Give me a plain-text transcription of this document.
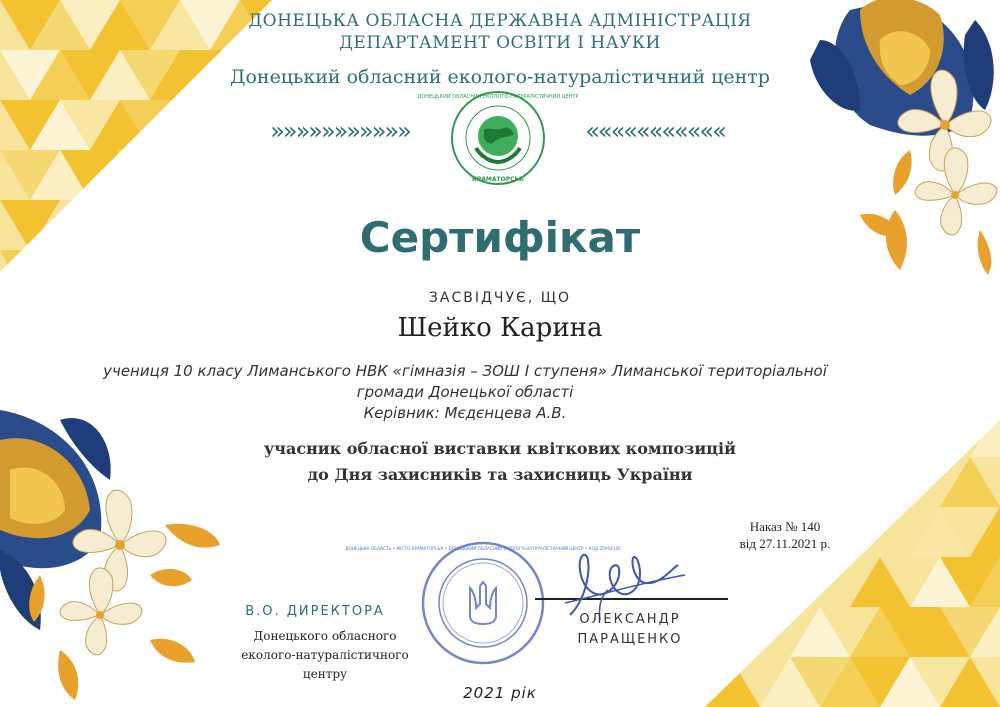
ДОНЕЦЬКА ОБЛАСНА ДЕРЖАВНА АДМІНІСТРАЦІЯ
ДЕПАРТАМЕНТ ОСВІТИ І НАУКИ
Донецький обласний еколого-натуралістичний центр
»»»»»»»»»»»	«««««««««««
ДОНЕЦЬКИЙ ОБЛАСНИЙ ЕКОЛОГО-НАТУРАЛІСТИЧНИЙ ЦЕНТР
КРАМАТОРСЬК
Сертифікат
ЗАСВІДЧУЄ, ЩО
Шейко Карина
учениця 10 класу Лиманського НВК «гімназія – ЗОШ І ступеня» Лиманської територіальної
громади Донецької області
Керівник: Мєдєнцева А.В.
учасник обласної виставки квіткових композицій
до Дня захисників та захисниць України
Наказ № 140
від 27.11.2021 р.
ДОНЕЦЬКА ОБЛАСТЬ • МІСТО КРАМАТОРСЬК • ДОНЕЦЬКИЙ ОБЛАСНИЙ ЕКОЛОГО-НАТУРАЛІСТИЧНИЙ ЦЕНТР • КОД 25954145
В.О. ДИРЕКТОРА
Донецького обласного
еколого-натуралістичного
центру
ОЛЕКСАНДР
ПАРАЩЕНКО
2021 рік
